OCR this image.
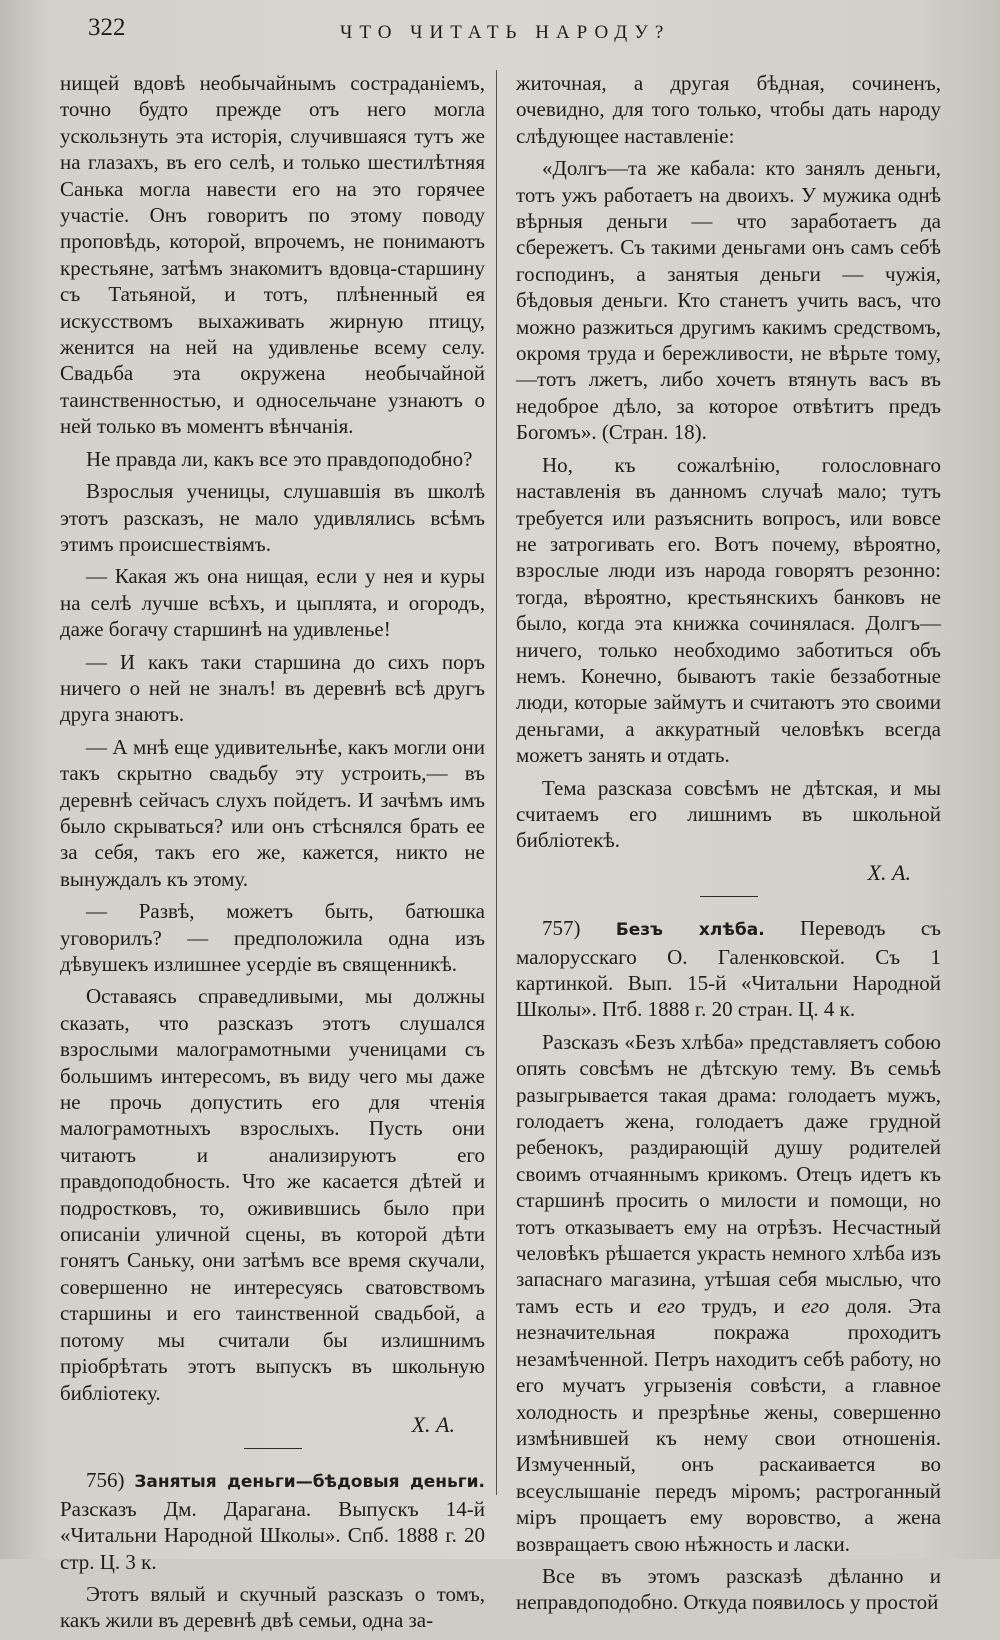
322	ЧТО ЧИТАТЬ НАРОДУ?

нищей вдовѣ необычайнымъ состраданіемъ, точно будто прежде отъ него могла ускользнуть эта исторія, случившаяся тутъ же на глазахъ, въ его селѣ, и только шестилѣтняя Санька могла навести его на это горячее участіе. Онъ говоритъ по этому поводу проповѣдь, которой, впрочемъ, не понимаютъ крестьяне, затѣмъ знакомитъ вдовца-старшину съ Татьяной, и тотъ, плѣненный ея искусствомъ выхаживать жирную птицу, женится на ней на удивленье всему селу. Свадьба эта окружена необычайной таинственностью, и односельчане узнаютъ о ней только въ моментъ вѣнчанія.

Не правда ли, какъ все это правдоподобно?

Взрослыя ученицы, слушавшія въ школѣ этотъ разсказъ, не мало удивлялись всѣмъ этимъ происшествіямъ.

— Какая жъ она нищая, если у нея и куры на селѣ лучше всѣхъ, и цыплята, и огородъ, даже богачу старшинѣ на удивленье!

— И какъ таки старшина до сихъ поръ ничего о ней не зналъ! въ деревнѣ всѣ другъ друга знаютъ.

— А мнѣ еще удивительнѣе, какъ могли они такъ скрытно свадьбу эту устроить,— въ деревнѣ сейчасъ слухъ пойдетъ. И зачѣмъ имъ было скрываться? или онъ стѣснялся брать ее за себя, такъ его же, кажется, никто не вынуждалъ къ этому.

— Развѣ, можетъ быть, батюшка уговорилъ? — предположила одна изъ дѣвушекъ излишнее усердіе въ священникѣ.

Оставаясь справедливыми, мы должны сказать, что разсказъ этотъ слушался взрослыми малограмотными ученицами съ большимъ интересомъ, въ виду чего мы даже не прочь допустить его для чтенія малограмотныхъ взрослыхъ. Пусть они читаютъ и анализируютъ его правдоподобность. Что же касается дѣтей и подростковъ, то, оживившись было при описаніи уличной сцены, въ которой дѣти гонятъ Саньку, они затѣмъ все время скучали, совершенно не интересуясь сватовствомъ старшины и его таинственной свадьбой, а потому мы считали бы излишнимъ пріобрѣтать этотъ выпускъ въ школьную библіотеку.

Х. А.

756) Занятыя деньги—бѣдовыя деньги. Разсказъ Дм. Дарагана. Выпускъ 14-й «Читальни Народной Школы». Спб. 1888 г. 20 стр. Ц. 3 к.

Этотъ вялый и скучный разсказъ о томъ, какъ жили въ деревнѣ двѣ семьи, одна за-

житочная, а другая бѣдная, сочиненъ, очевидно, для того только, чтобы дать народу слѣдующее наставленіе:

«Долгъ—та же кабала: кто занялъ деньги, тотъ ужъ работаетъ на двоихъ. У мужика однѣ вѣрныя деньги — что заработаетъ да сбережетъ. Съ такими деньгами онъ самъ себѣ господинъ, а занятыя деньги — чужія, бѣдовыя деньги. Кто станетъ учить васъ, что можно разжиться другимъ какимъ средствомъ, окромя труда и бережливости, не вѣрьте тому,—тотъ лжетъ, либо хочетъ втянуть васъ въ недоброе дѣло, за которое отвѣтитъ предъ Богомъ». (Стран. 18).

Но, къ сожалѣнію, голословнаго наставленія въ данномъ случаѣ мало; тутъ требуется или разъяснить вопросъ, или вовсе не затрогивать его. Вотъ почему, вѣроятно, взрослые люди изъ народа говорятъ резонно: тогда, вѣроятно, крестьянскихъ банковъ не было, когда эта книжка сочинялася. Долгъ— ничего, только необходимо заботиться объ немъ. Конечно, бываютъ такіе беззаботные люди, которые займутъ и считаютъ это своими деньгами, а аккуратный человѣкъ всегда можетъ занять и отдать.

Тема разсказа совсѣмъ не дѣтская, и мы считаемъ его лишнимъ въ школьной библіотекѣ.

Х. А.

757) Безъ хлѣба. Переводъ съ малорусскаго О. Галенковской. Съ 1 картинкой. Вып. 15-й «Читальни Народной Школы». Птб. 1888 г. 20 стран. Ц. 4 к.

Разсказъ «Безъ хлѣба» представляетъ собою опять совсѣмъ не дѣтскую тему. Въ семьѣ разыгрывается такая драма: голодаетъ мужъ, голодаетъ жена, голодаетъ даже грудной ребенокъ, раздирающій душу родителей своимъ отчаяннымъ крикомъ. Отецъ идетъ къ старшинѣ просить о милости и помощи, но тотъ отказываетъ ему на отрѣзъ. Несчастный человѣкъ рѣшается украсть немного хлѣба изъ запаснаго магазина, утѣшая себя мыслью, что тамъ есть и его трудъ, и его доля. Эта незначительная покража проходитъ незамѣченной. Петръ находитъ себѣ работу, но его мучатъ угрызенія совѣсти, а главное холодность и презрѣнье жены, совершенно измѣнившей къ нему свои отношенія. Измученный, онъ раскаивается во всеуслышаніе передъ міромъ; растроганный міръ прощаетъ ему воровство, а жена возвращаетъ свою нѣжность и ласки.

Все въ этомъ разсказѣ дѣланно и неправдоподобно. Откуда появилось у простой
